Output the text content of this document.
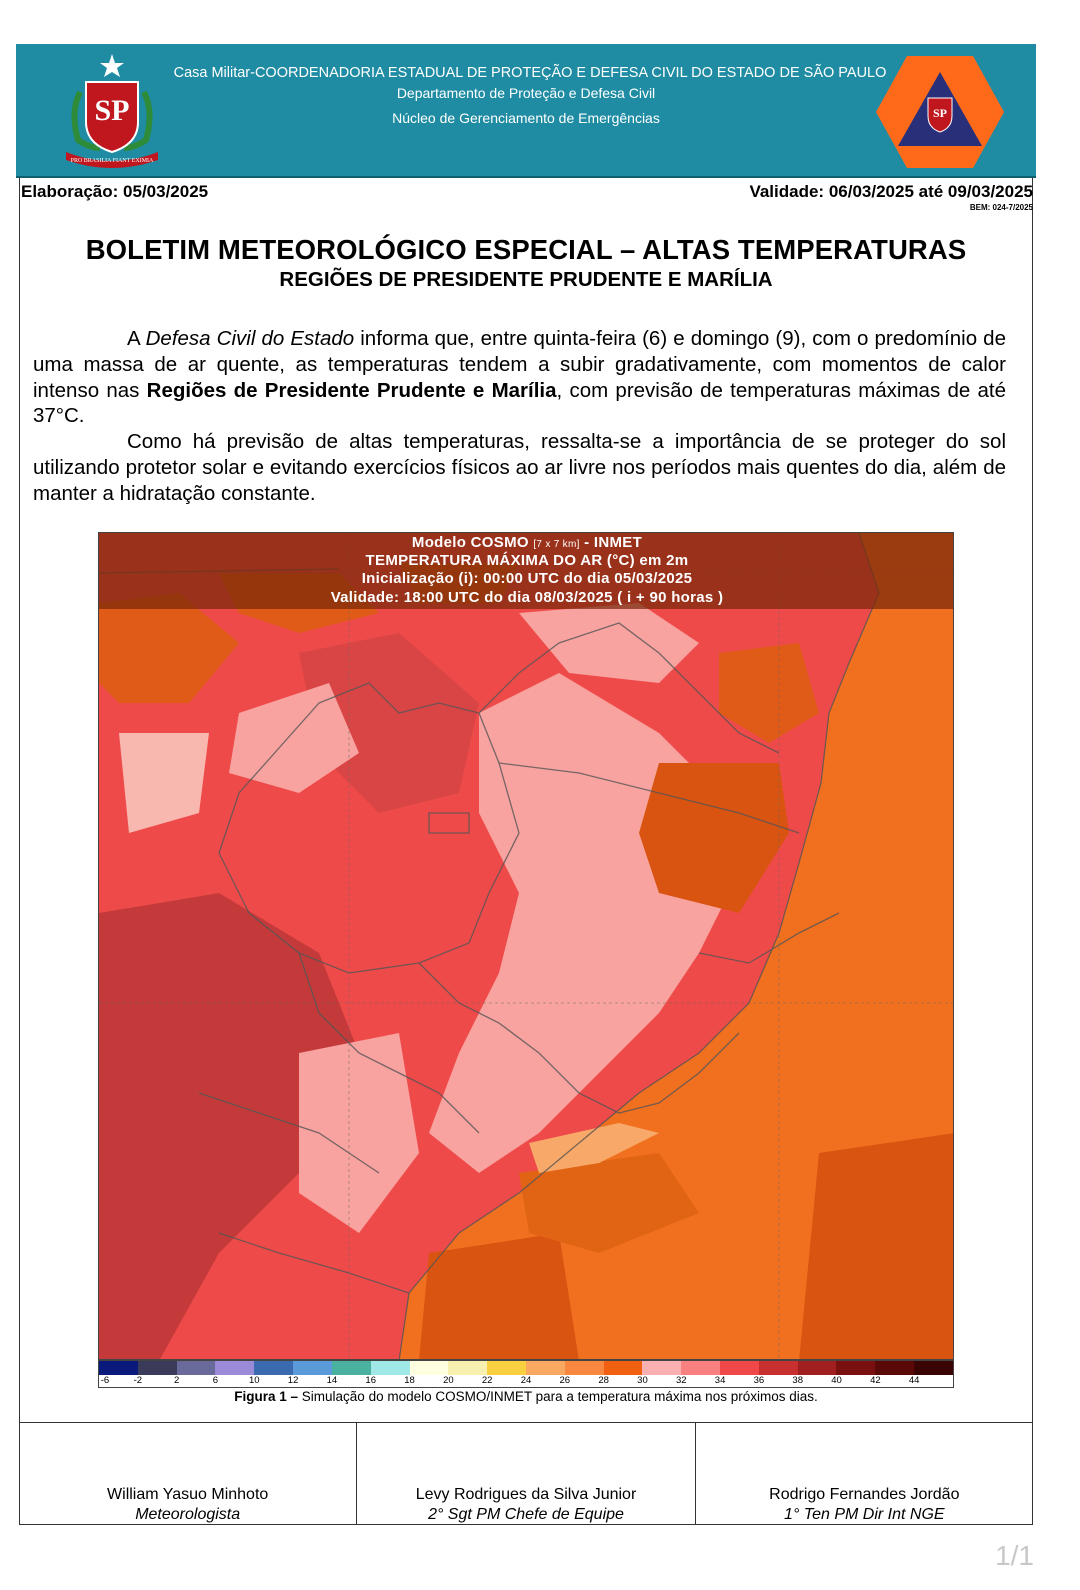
SP
PRO BRASILIA FIANT EXIMIA
Casa Militar-COORDENADORIA ESTADUAL DE PROTEÇÃO E DEFESA CIVIL DO ESTADO DE SÃO PAULO
Departamento de Proteção e Defesa Civil
Núcleo de Gerenciamento de Emergências	SP
Elaboração: 05/03/2025	Validade: 06/03/2025 até 09/03/2025
BEM: 024-7/2025
BOLETIM METEOROLÓGICO ESPECIAL – ALTAS TEMPERATURAS
REGIÕES DE PRESIDENTE PRUDENTE E MARÍLIA

A Defesa Civil do Estado informa que, entre quinta-feira (6) e domingo (9), com o predomínio de uma massa de ar quente, as temperaturas tendem a subir gradativamente, com momentos de calor intenso nas Regiões de Presidente Prudente e Marília, com previsão de temperaturas máximas de até 37°C.

Como há previsão de altas temperaturas, ressalta-se a importância de se proteger do sol utilizando protetor solar e evitando exercícios físicos ao ar livre nos períodos mais quentes do dia, além de manter a hidratação constante.

Modelo COSMO [7 x 7 km] - INMET
TEMPERATURA MÁXIMA DO AR (°C) em 2m
Inicialização (i): 00:00 UTC do dia 05/03/2025
Validade: 18:00 UTC do dia 08/03/2025 ( i + 90 horas )
-6	-2	2	6	10	12	14	16	18	20	22	24	26	28	30	32	34	36	38	40	42	44
Figura 1 – Simulação do modelo COSMO/INMET para a temperatura máxima nos próximos dias.
William Yasuo Minhoto
Meteorologista
Levy Rodrigues da Silva Junior
2° Sgt PM Chefe de Equipe
Rodrigo Fernandes Jordão
1° Ten PM Dir Int NGE
1/1
